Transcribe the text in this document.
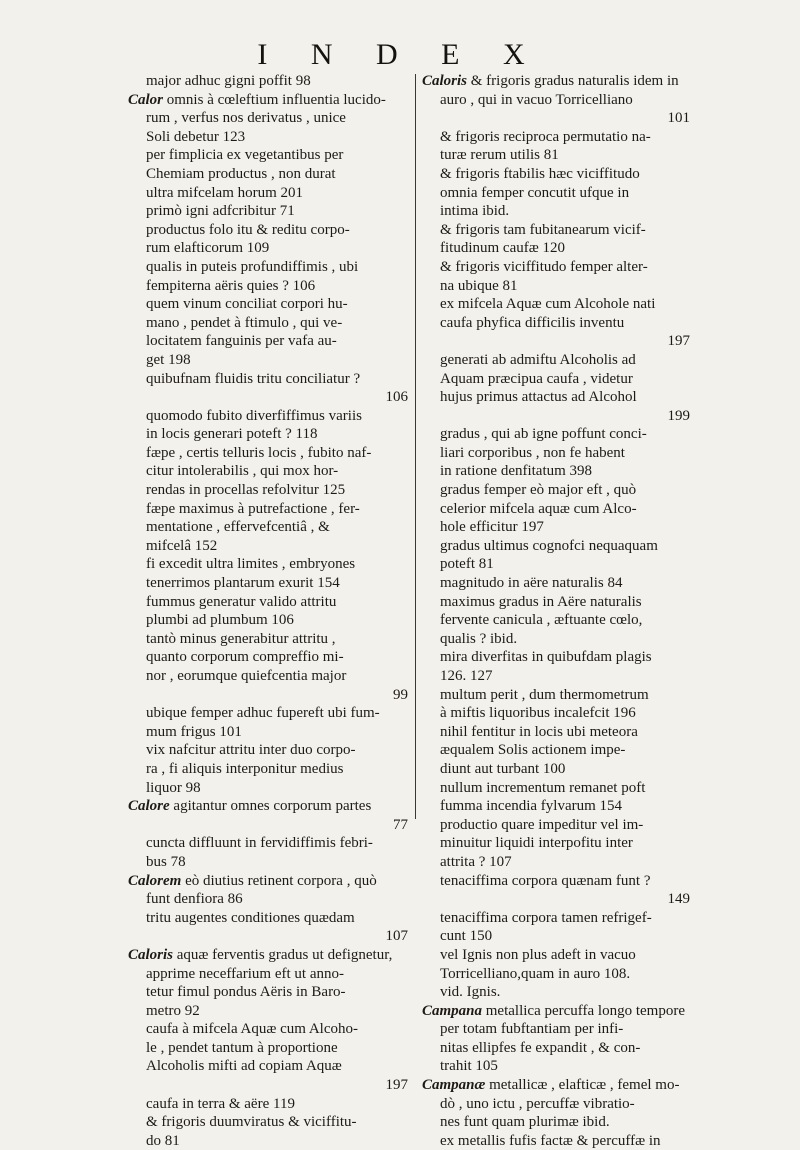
I N D E X
major adhuc gigni poffit 98
Calor omnis à cœleftium influentia lucido-
rum , verfus nos derivatus , unice
Soli debetur 123
per fimplicia ex vegetantibus per
Chemiam productus , non durat
ultra mifcelam horum 201
primò igni adfcribitur 71
productus folo itu & reditu corpo-
rum elafticorum 109
qualis in puteis profundiffimis , ubi
fempiterna aëris quies ? 106
quem vinum conciliat corpori hu-
mano , pendet à ftimulo , qui ve-
locitatem fanguinis per vafa au-
get 198
quibufnam fluidis tritu conciliatur ?
106
quomodo fubito diverfiffimus variis
in locis generari poteft ? 118
fæpe , certis telluris locis , fubito naf-
citur intolerabilis , qui mox hor-
rendas in procellas refolvitur 125
fæpe maximus à putrefactione , fer-
mentatione , effervefcentiâ , &
mifcelâ 152
fi excedit ultra limites , embryones
tenerrimos plantarum exurit 154
fummus generatur valido attritu
plumbi ad plumbum 106
tantò minus generabitur attritu ,
quanto corporum compreffio mi-
nor , eorumque quiefcentia major
99
ubique femper adhuc fupereft ubi fum-
mum frigus 101
vix nafcitur attritu inter duo corpo-
ra , fi aliquis interponitur medius
liquor 98
Calore agitantur omnes corporum partes
77
cuncta diffluunt in fervidiffimis febri-
bus 78
Calorem eò diutius retinent corpora , quò
funt denfiora 86
tritu augentes conditiones quædam
107
Caloris aquæ ferventis gradus ut defignetur,
apprime neceffarium eft ut anno-
tetur fimul pondus Aëris in Baro-
metro 92
caufa à mifcela Aquæ cum Alcoho-
le , pendet tantum à proportione
Alcoholis mifti ad copiam Aquæ
197
caufa in terra & aëre 119
& frigoris duumviratus & viciffitu-
do 81
Caloris & frigoris gradus naturalis idem in
auro , qui in vacuo Torricelliano
101
& frigoris reciproca permutatio na-
turæ rerum utilis 81
& frigoris ftabilis hæc viciffitudo
omnia femper concutit ufque in
intima ibid.
& frigoris tam fubitanearum vicif-
fitudinum caufæ 120
& frigoris viciffitudo femper alter-
na ubique 81
ex mifcela Aquæ cum Alcohole nati
caufa phyfica difficilis inventu
197
generati ab admiftu Alcoholis ad
Aquam præcipua caufa , videtur
hujus primus attactus ad Alcohol
199
gradus , qui ab igne poffunt conci-
liari corporibus , non fe habent
in ratione denfitatum 398
gradus femper eò major eft , quò
celerior mifcela aquæ cum Alco-
hole efficitur 197
gradus ultimus cognofci nequaquam
poteft 81
magnitudo in aëre naturalis 84
maximus gradus in Aëre naturalis
fervente canicula , æftuante cœlo,
qualis ? ibid.
mira diverfitas in quibufdam plagis
126. 127
multum perit , dum thermometrum
à miftis liquoribus incalefcit 196
nihil fentitur in locis ubi meteora
æqualem Solis actionem impe-
diunt aut turbant 100
nullum incrementum remanet poft
fumma incendia fylvarum 154
productio quare impeditur vel im-
minuitur liquidi interpofitu inter
attrita ? 107
tenaciffima corpora quænam funt ?
149
tenaciffima corpora tamen refrigef-
cunt 150
vel Ignis non plus adeft in vacuo
Torricelliano,quam in auro 108.
vid. Ignis.
Campana metallica percuffa longo tempore
per totam fubftantiam per infi-
nitas ellipfes fe expandit , & con-
trahit 105
Campanæ metallicæ , elafticæ , femel mo-
dò , uno ictu , percuffæ vibratio-
nes funt quam plurimæ ibid.
ex metallis fufis factæ & percuffæ in
